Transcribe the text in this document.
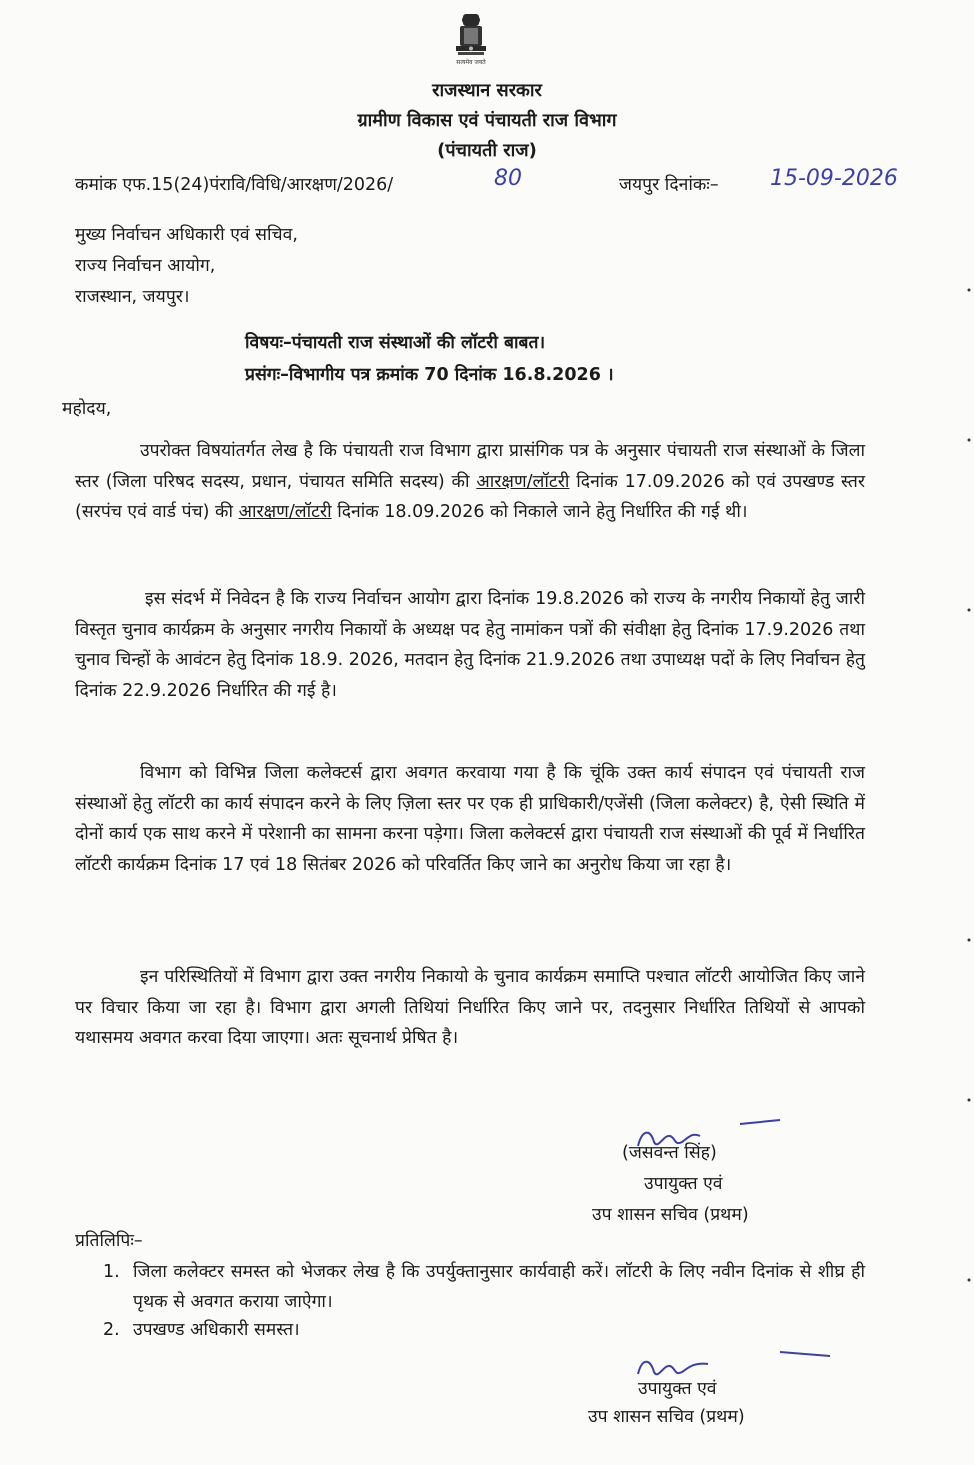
सत्यमेव जयते
राजस्थान सरकार
ग्रामीण विकास एवं पंचायती राज विभाग
(पंचायती राज)
कमांक एफ.15(24)पंरावि/विधि/आरक्षण/2026/	80	जयपुर दिनांकः– 15-09-2026
मुख्य निर्वाचन अधिकारी एवं सचिव,
राज्य निर्वाचन आयोग,
राजस्थान, जयपुर।
विषयः–पंचायती राज संस्थाओं की लॉटरी बाबत।
प्रसंगः–विभागीय पत्र क्रमांक 70 दिनांक 16.8.2026 ।
महोदय,
उपरोक्त विषयांतर्गत लेख है कि पंचायती राज विभाग द्वारा प्रासंगिक पत्र के अनुसार पंचायती राज संस्थाओं के जिला स्तर (जिला परिषद सदस्य, प्रधान, पंचायत समिति सदस्य) की आरक्षण/लॉटरी दिनांक 17.09.2026 को एवं उपखण्ड स्तर (सरपंच एवं वार्ड पंच) की आरक्षण/लॉटरी दिनांक 18.09.2026 को निकाले जाने हेतु निर्धारित की गई थी।
इस संदर्भ में निवेदन है कि राज्य निर्वाचन आयोग द्वारा दिनांक 19.8.2026 को राज्य के नगरीय निकायों हेतु जारी विस्तृत चुनाव कार्यक्रम के अनुसार नगरीय निकायों के अध्यक्ष पद हेतु नामांकन पत्रों की संवीक्षा हेतु दिनांक 17.9.2026 तथा चुनाव चिन्हों के आवंटन हेतु दिनांक 18.9. 2026, मतदान हेतु दिनांक 21.9.2026 तथा उपाध्यक्ष पदों के लिए निर्वाचन हेतु दिनांक 22.9.2026 निर्धारित की गई है।
विभाग को विभिन्न जिला कलेक्टर्स द्वारा अवगत करवाया गया है कि चूंकि उक्त कार्य संपादन एवं पंचायती राज संस्थाओं हेतु लॉटरी का कार्य संपादन करने के लिए ज़िला स्तर पर एक ही प्राधिकारी/एजेंसी (जिला कलेक्टर) है, ऐसी स्थिति में दोनों कार्य एक साथ करने में परेशानी का सामना करना पड़ेगा। जिला कलेक्टर्स द्वारा पंचायती राज संस्थाओं की पूर्व में निर्धारित लॉटरी कार्यक्रम दिनांक 17 एवं 18 सितंबर 2026 को परिवर्तित किए जाने का अनुरोध किया जा रहा है।
इन परिस्थितियों में विभाग द्वारा उक्त नगरीय निकायो के चुनाव कार्यक्रम समाप्ति पश्चात लॉटरी आयोजित किए जाने पर विचार किया जा रहा है। विभाग द्वारा अगली तिथियां निर्धारित किए जाने पर, तदनुसार निर्धारित तिथियों से आपको यथासमय अवगत करवा दिया जाएगा। अतः सूचनार्थ प्रेषित है।
(जसवन्त सिंह)
उपायुक्त एवं
उप शासन सचिव (प्रथम)
प्रतिलिपिः–
1. जिला कलेक्टर समस्त को भेजकर लेख है कि उपर्युक्तानुसार कार्यवाही करें। लॉटरी के लिए नवीन दिनांक से शीघ्र ही पृथक से अवगत कराया जाऐगा।
2. उपखण्ड अधिकारी समस्त।
उपायुक्त एवं
उप शासन सचिव (प्रथम)
